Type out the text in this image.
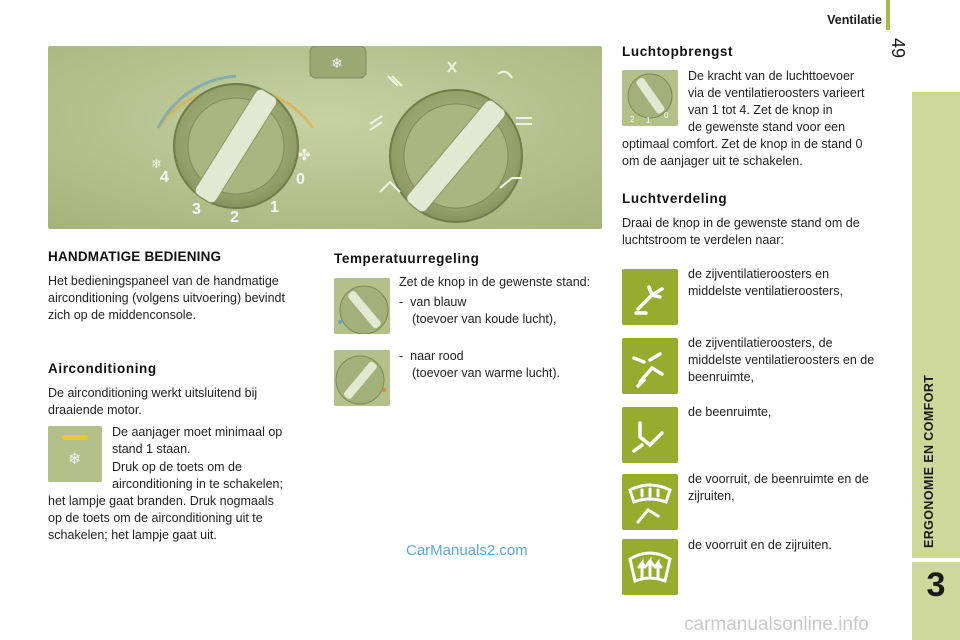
Ventilatie
49
ERGONOMIE EN COMFORT
3
❄
4
3 2
1
0
❄	✤
HANDMATIGE BEDIENING
Het bedieningspaneel van de handmatige
airconditioning (volgens uitvoering) bevindt
zich op de middenconsole.
Airconditioning
De airconditioning werkt uitsluitend bij
draaiende motor.
❄
De aanjager moet minimaal op
stand 1 staan.
Druk op de toets om de
airconditioning in te schakelen;
het lampje gaat branden. Druk nogmaals
op de toets om de airconditioning uit te
schakelen; het lampje gaat uit.
Temperatuurregeling
Zet de knop in de gewenste stand:
- van blauw
(toevoer van koude lucht),
- naar rood
(toevoer van warme lucht).
Luchtopbrengst
2 1
0
De kracht van de luchttoevoer
via de ventilatieroosters varieert
van 1 tot 4. Zet de knop in
de gewenste stand voor een
optimaal comfort. Zet de knop in de stand 0
om de aanjager uit te schakelen.
Luchtverdeling
Draai de knop in de gewenste stand om de
luchtstroom te verdelen naar:
de zijventilatieroosters en
middelste ventilatieroosters,
de zijventilatieroosters, de
middelste ventilatieroosters en de
beenruimte,
de beenruimte,
de voorruit, de beenruimte en de
zijruiten,
de voorruit en de zijruiten.
CarManuals2.com
carmanualsonline.info
